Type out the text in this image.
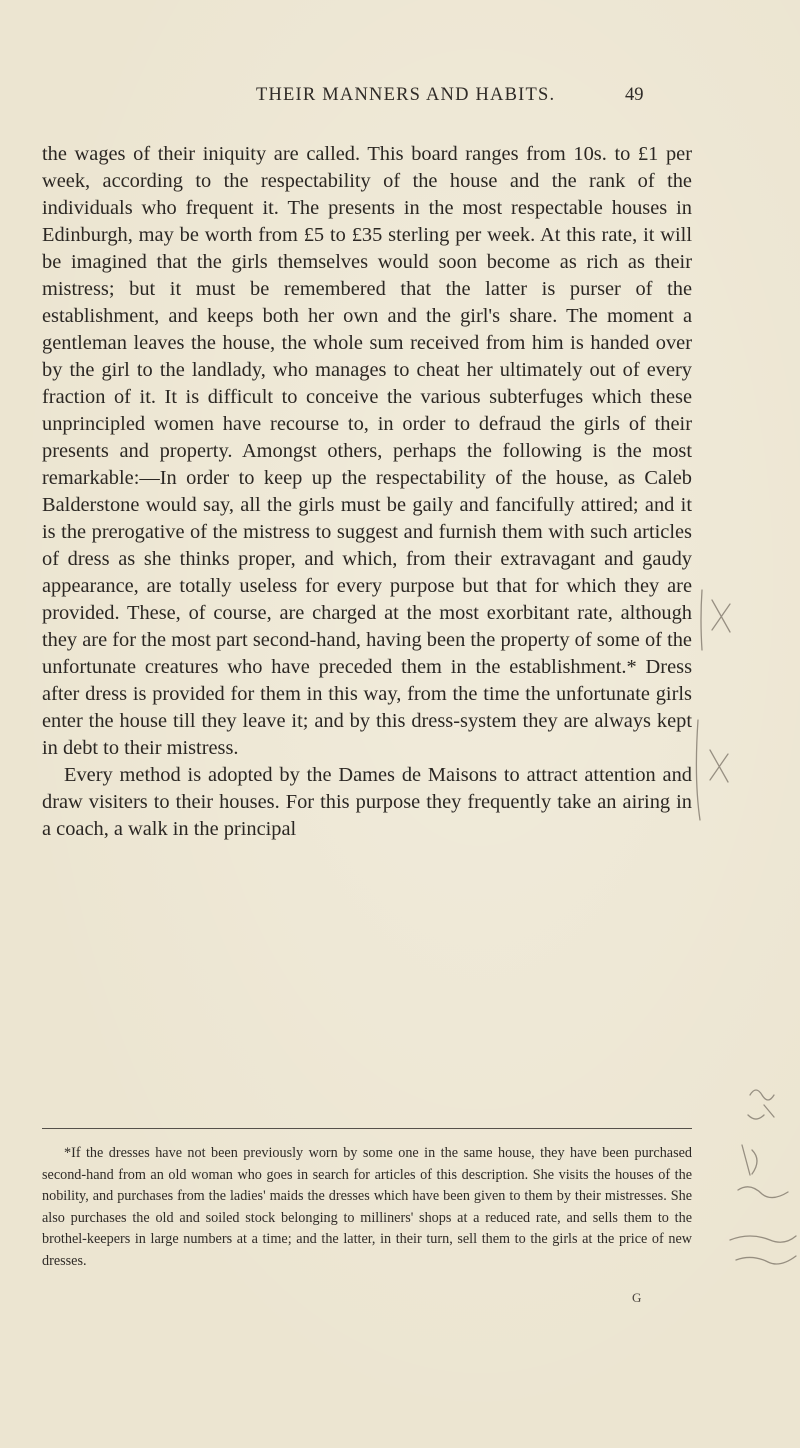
THEIR MANNERS AND HABITS.	49

the wages of their iniquity are called. This board ranges from 10s. to £1 per week, according to the respectability of the house and the rank of the individuals who frequent it. The presents in the most respectable houses in Edinburgh, may be worth from £5 to £35 sterling per week. At this rate, it will be imagined that the girls themselves would soon become as rich as their mistress; but it must be remembered that the latter is purser of the establishment, and keeps both her own and the girl's share. The moment a gentleman leaves the house, the whole sum received from him is handed over by the girl to the landlady, who manages to cheat her ultimately out of every fraction of it. It is difficult to conceive the various subterfuges which these unprincipled women have recourse to, in order to defraud the girls of their presents and property. Amongst others, perhaps the following is the most remarkable:—In order to keep up the respectability of the house, as Caleb Balderstone would say, all the girls must be gaily and fancifully attired; and it is the prerogative of the mistress to suggest and furnish them with such articles of dress as she thinks proper, and which, from their extravagant and gaudy appearance, are totally useless for every purpose but that for which they are provided. These, of course, are charged at the most exorbitant rate, although they are for the most part second-hand, having been the property of some of the unfortunate creatures who have preceded them in the establishment.* Dress after dress is provided for them in this way, from the time the unfortunate girls enter the house till they leave it; and by this dress-system they are always kept in debt to their mistress.

Every method is adopted by the Dames de Maisons to attract attention and draw visiters to their houses. For this purpose they frequently take an airing in a coach, a walk in the principal

*If the dresses have not been previously worn by some one in the same house, they have been purchased second-hand from an old woman who goes in search for articles of this description. She visits the houses of the nobility, and purchases from the ladies' maids the dresses which have been given to them by their mistresses. She also purchases the old and soiled stock belonging to milliners' shops at a reduced rate, and sells them to the brothel-keepers in large numbers at a time; and the latter, in their turn, sell them to the girls at the price of new dresses.

G
